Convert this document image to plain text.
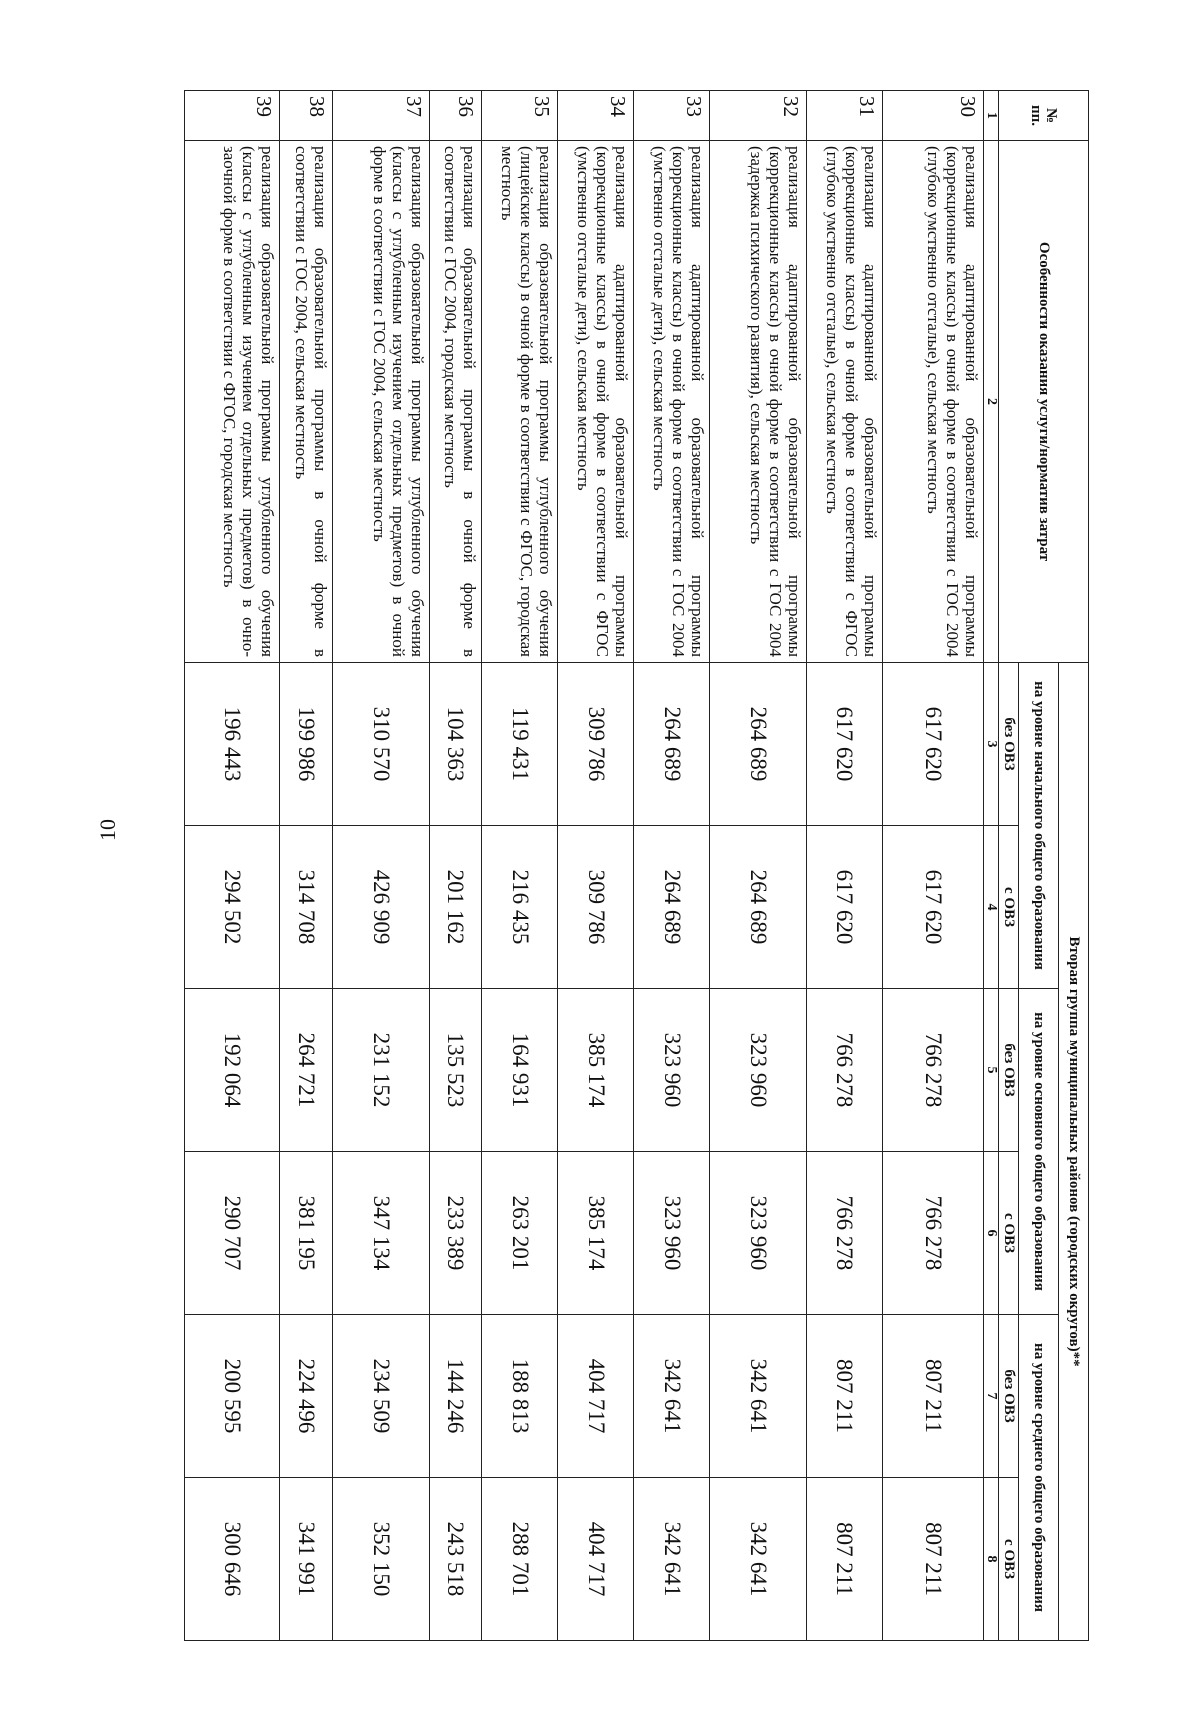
10
№ пп.	Особенности оказания услуги/норматив затрат	Вторая группа муниципальных районов (городских округов)**					
		на уровне начального общего образования		на уровне основного общего образования		на уровне среднего общего образования	
		без ОВЗ	с ОВЗ	без ОВЗ	с ОВЗ	без ОВЗ	с ОВЗ
1	2	3	4	5	6	7	8
30	реализация адаптированной образовательной программы (коррекционные классы) в очной форме в соответствии с ГОС 2004 (глубоко умственно отсталые), сельская местность	617 620	617 620	766 278	766 278	807 211	807 211
31	реализация адаптированной образовательной программы (коррекционные классы) в очной форме в соответствии с ФГОС (глубоко умственно отсталые), сельская местность	617 620	617 620	766 278	766 278	807 211	807 211
32	реализация адаптированной образовательной программы (коррекционные классы) в очной форме в соответствии с ГОС 2004 (задержка психического развития), сельская местность	264 689	264 689	323 960	323 960	342 641	342 641
33	реализация адаптированной образовательной программы (коррекционные классы) в очной форме в соответствии с ГОС 2004 (умственно отсталые дети), сельская местность	264 689	264 689	323 960	323 960	342 641	342 641
34	реализация адаптированной образовательной программы (коррекционные классы) в очной форме в соответствии с ФГОС (умственно отсталые дети), сельская местность	309 786	309 786	385 174	385 174	404 717	404 717
35	реализация образовательной программы углубленного обучения (лицейские классы) в очной форме в соответствии с ФГОС, городская местность	119 431	216 435	164 931	263 201	188 813	288 701
36	реализация образовательной программы в очной форме в соответствии с ГОС 2004, городская местность	104 363	201 162	135 523	233 389	144 246	243 518
37	реализация образовательной программы углубленного обучения (классы с углубленным изучением отдельных предметов) в очной форме в соответствии с ГОС 2004, сельская местность	310 570	426 909	231 152	347 134	234 509	352 150
38	реализация образовательной программы в очной форме в соответствии с ГОС 2004, сельская местность	199 986	314 708	264 721	381 195	224 496	341 991
39	реализация образовательной программы углубленного обучения (классы с углубленным изучением отдельных предметов) в очно-заочной форме в соответствии с ФГОС, городская местность	196 443	294 502	192 064	290 707	200 595	300 646
